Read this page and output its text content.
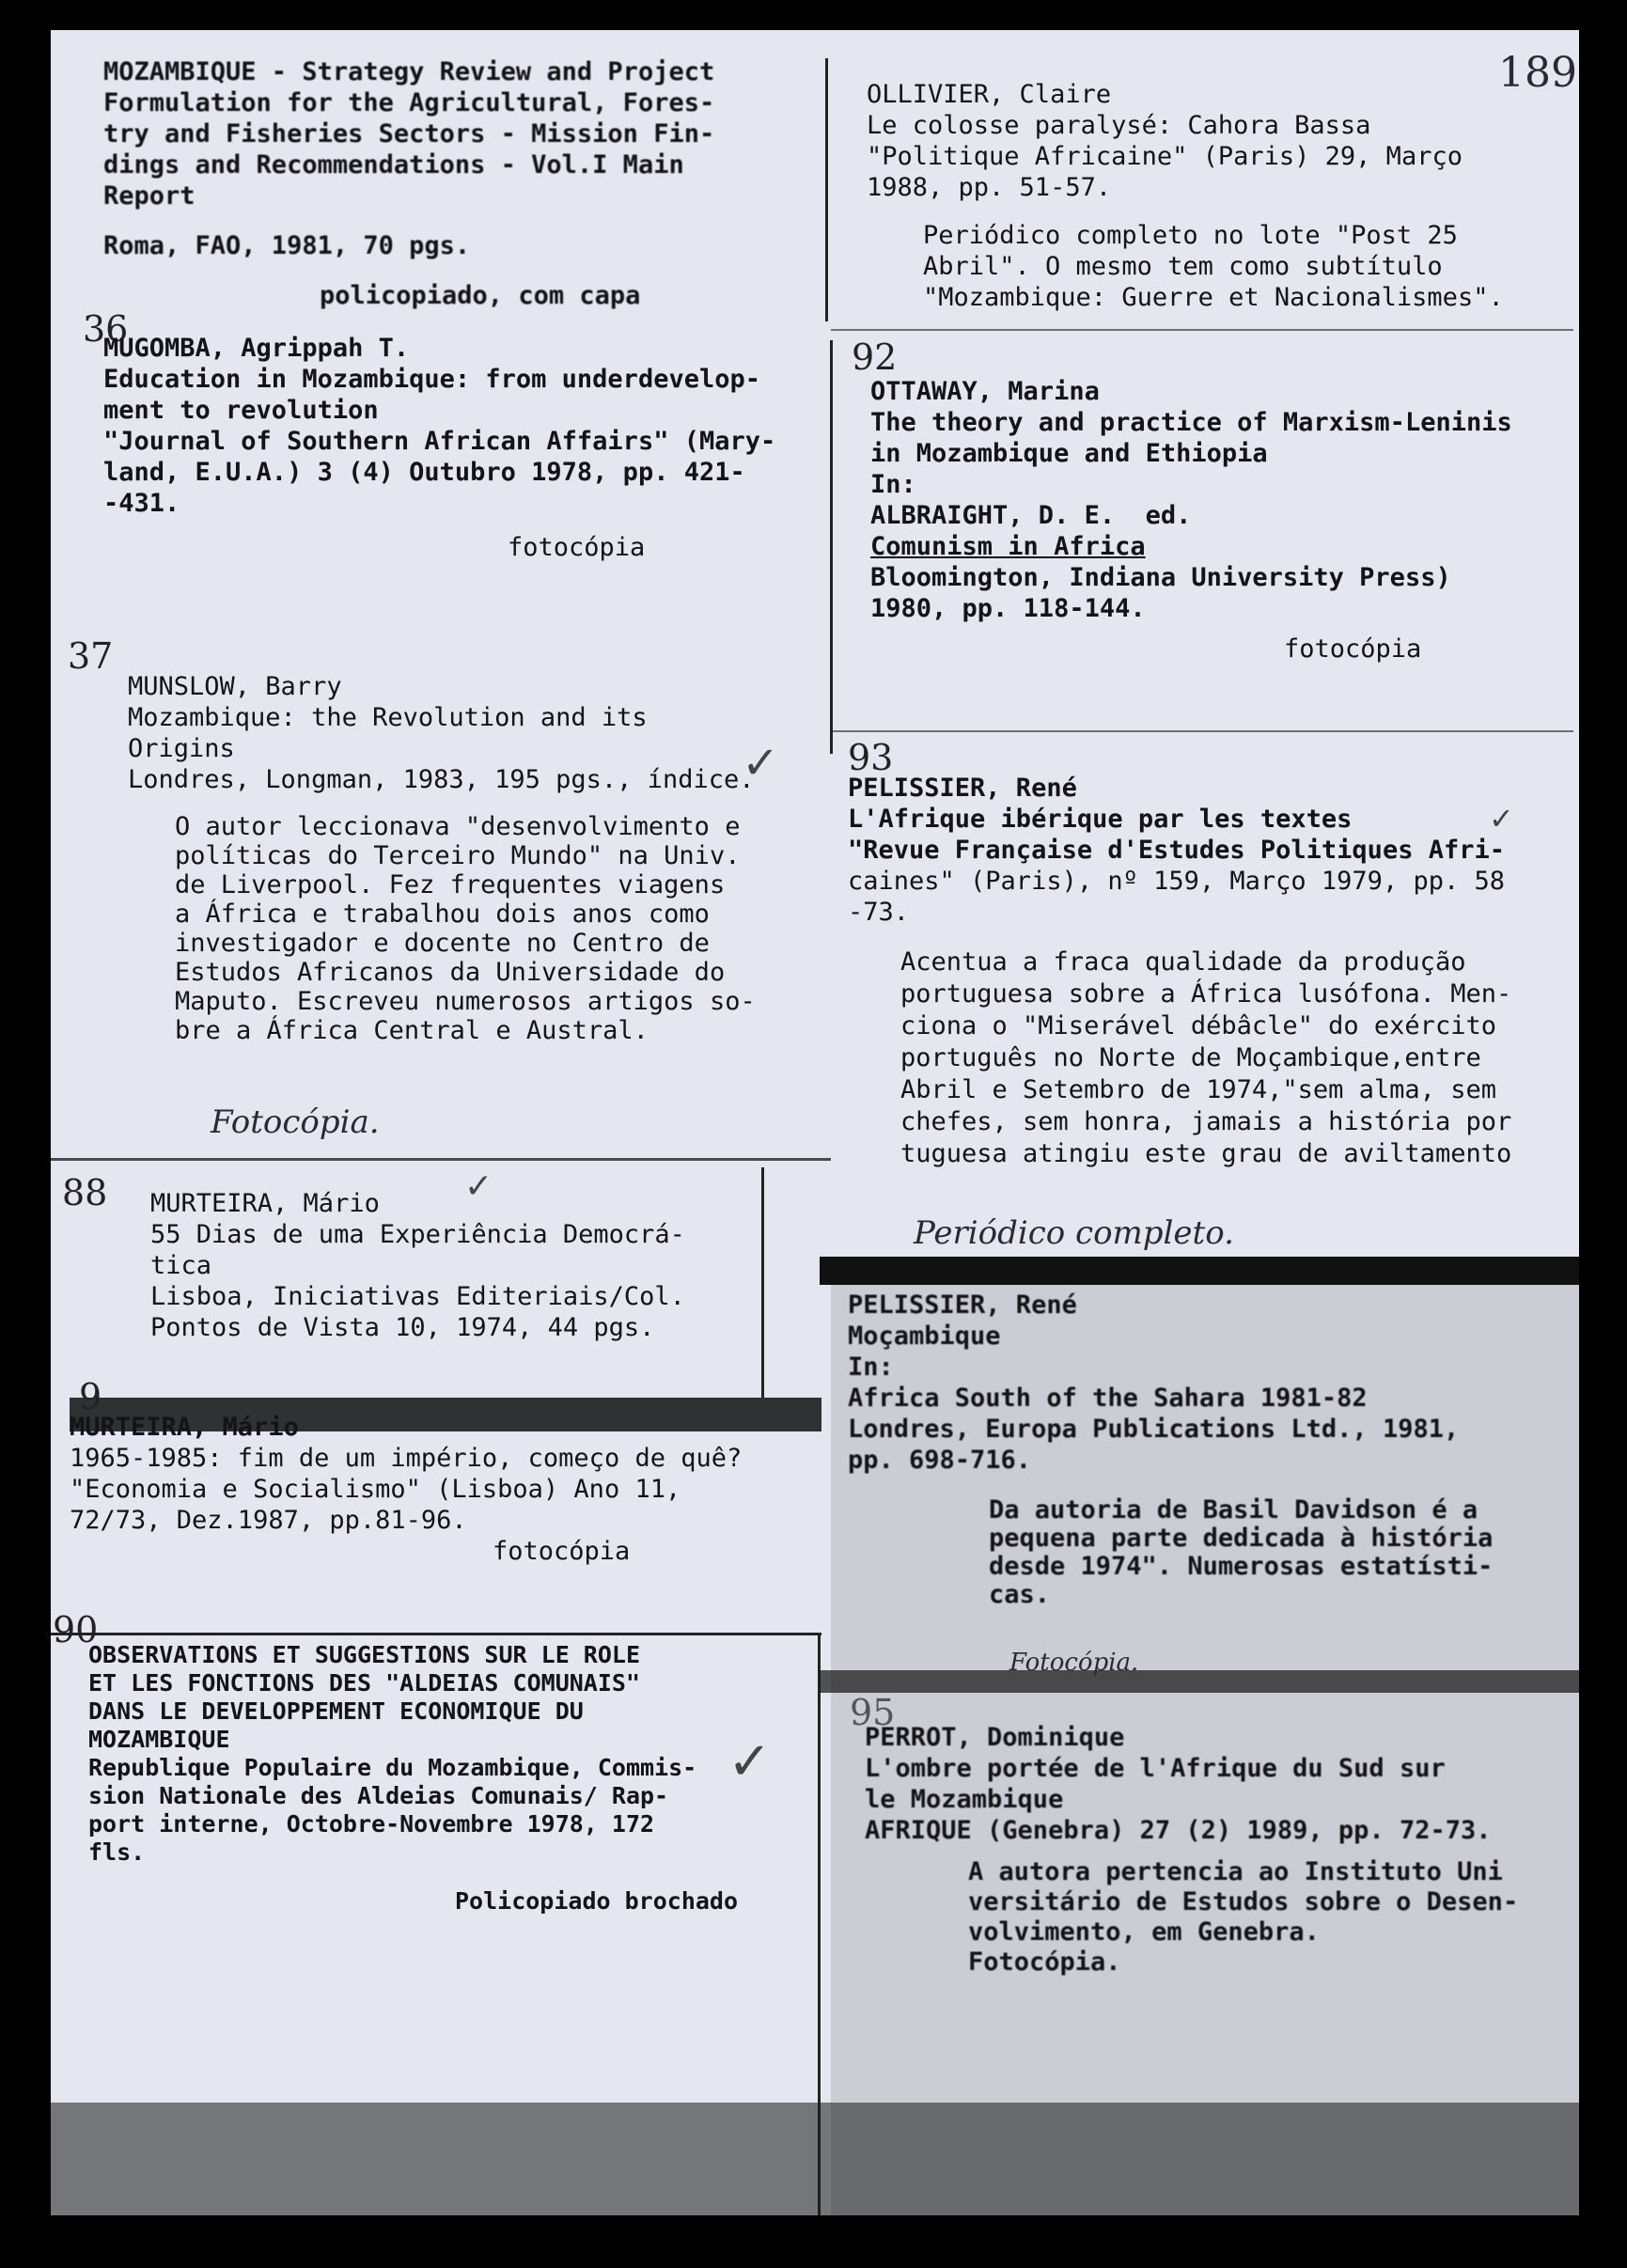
189

MOZAMBIQUE - Strategy Review and Project

Formulation for the Agricultural, Fores-

try and Fisheries Sectors - Mission Fin-

dings and Recommendations - Vol.I Main

Report

Roma, FAO, 1981, 70 pgs.

policopiado, com capa

36

MUGOMBA, Agrippah T.

Education in Mozambique: from underdevelop-

ment to revolution

"Journal of Southern African Affairs" (Mary-

land, E.U.A.) 3 (4) Outubro 1978, pp. 421-

-431.

fotocópia

37

MUNSLOW, Barry

Mozambique: the Revolution and its

Origins

Londres, Longman, 1983, 195 pgs., índice.

O autor leccionava "desenvolvimento e

políticas do Terceiro Mundo" na Univ.

de Liverpool. Fez frequentes viagens

a África e trabalhou dois anos como

investigador e docente no Centro de

Estudos Africanos da Universidade do

Maputo. Escreveu numerosos artigos so-

bre a África Central e Austral.

Fotocópia.
✓
88 MURTEIRA, Mário

55 Dias de uma Experiência Democrá-

tica

Lisboa, Iniciativas Editeriais/Col.

Pontos de Vista 10, 1974, 44 pgs.

✓
9

MURTEIRA, Mário

1965-1985: fim de um império, começo de quê?

"Economia e Socialismo" (Lisboa) Ano 11,

72/73, Dez.1987, pp.81-96.

fotocópia

90

OBSERVATIONS ET SUGGESTIONS SUR LE ROLE

ET LES FONCTIONS DES "ALDEIAS COMUNAIS"

DANS LE DEVELOPPEMENT ECONOMIQUE DU

MOZAMBIQUE

Republique Populaire du Mozambique, Commis-

sion Nationale des Aldeias Comunais/ Rap-

port interne, Octobre-Novembre 1978, 172

fls.

Policopiado brochado

✓

OLLIVIER, Claire

Le colosse paralysé: Cahora Bassa

"Politique Africaine" (Paris) 29, Março

1988, pp. 51-57.

Periódico completo no lote "Post 25

Abril". O mesmo tem como subtítulo

"Mozambique: Guerre et Nacionalismes".

92

OTTAWAY, Marina

The theory and practice of Marxism-Leninis

in Mozambique and Ethiopia

In:

ALBRAIGHT, D. E.  ed.

Comunism in Africa

Bloomington, Indiana University Press)

1980, pp. 118-144.

fotocópia

93

PELISSIER, René

L'Afrique ibérique par les textes

"Revue Française d'Estudes Politiques Afri-

caines" (Paris), nº 159, Março 1979, pp. 58

-73.

Acentua a fraca qualidade da produção

portuguesa sobre a África lusófona. Men-

ciona o "Miserável débâcle" do exército

português no Norte de Moçambique,entre

Abril e Setembro de 1974,"sem alma, sem

chefes, sem honra, jamais a história por

tuguesa atingiu este grau de aviltamento

Periódico completo.
✓

PELISSIER, René

Moçambique

In:

Africa South of the Sahara 1981-82

Londres, Europa Publications Ltd., 1981,

pp. 698-716.

Da autoria de Basil Davidson é a

pequena parte dedicada à história

desde 1974". Numerosas estatísti-

cas.

Fotocópia.
95

PERROT, Dominique

L'ombre portée de l'Afrique du Sud sur

le Mozambique

AFRIQUE (Genebra) 27 (2) 1989, pp. 72-73.

A autora pertencia ao Instituto Uni

versitário de Estudos sobre o Desen-

volvimento, em Genebra.

Fotocópia.
